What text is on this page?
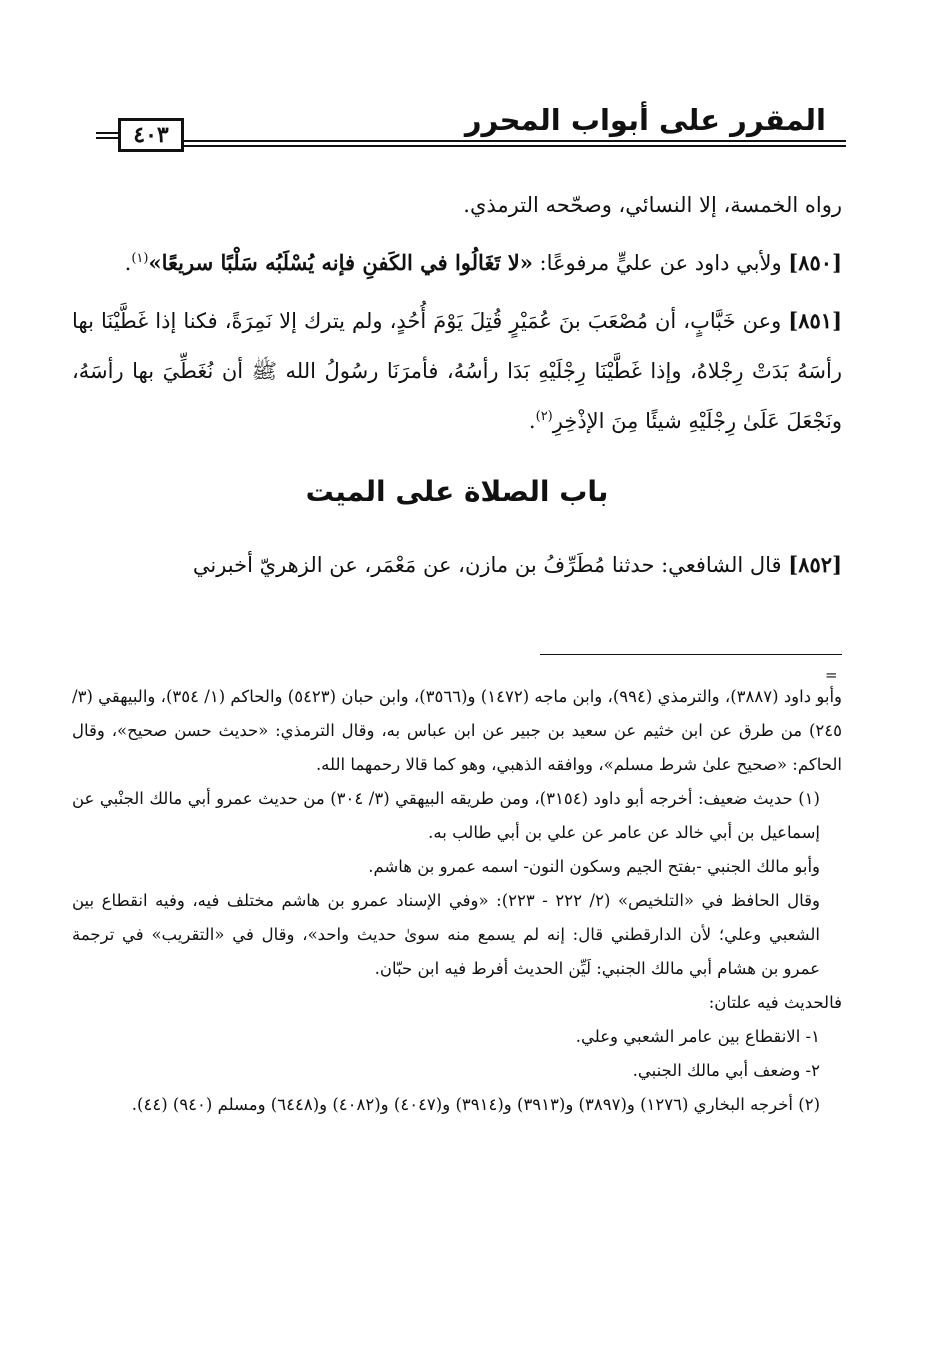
المقرر على أبواب المحرر
٤٠٣

رواه الخمسة، إلا النسائي، وصحّحه الترمذي.

[٨٥٠] ولأبي داود عن عليٍّ مرفوعًا: «لا تَغَالُوا في الكَفنِ فإنه يُسْلَبُه سَلْبًا سريعًا»$^{(١)}$.

[٨٥١] وعن خَبَّابٍ، أن مُصْعَبَ بنَ عُمَيْرٍ قُتِلَ يَوْمَ أُحُدٍ، ولم يترك إلا نَمِرَةً، فكنا إذا غَطَّيْنَا بها رأسَهُ بَدَتْ رِجْلاهُ، وإذا غَطَّيْنَا رِجْلَيْهِ بَدَا رأسُهُ، فأمرَنَا رسُولُ الله ﷺ أن نُغَطِّيَ بها رأسَهُ، ونَجْعَلَ عَلَىٰ رِجْلَيْهِ شيئًا مِنَ الإذْخِرِ$^{(٢)}$.

باب الصلاة على الميت

[٨٥٢] قال الشافعي: حدثنا مُطَرِّفُ بن مازن، عن مَعْمَر، عن الزهريّ أخبرني

=

وأبو داود (٣٨٨٧)، والترمذي (٩٩٤)، وابن ماجه (١٤٧٢) و(٣٥٦٦)، وابن حبان (٥٤٢٣) والحاكم (١/ ٣٥٤)، والبيهقي (٣/ ٢٤٥) من طرق عن ابن خثيم عن سعيد بن جبير عن ابن عباس به، وقال الترمذي: «حديث حسن صحيح»، وقال الحاكم: «صحيح علىٰ شرط مسلم»، ووافقه الذهبي، وهو كما قالا رحمهما الله.

(١) حديث ضعيف: أخرجه أبو داود (٣١٥٤)، ومن طريقه البيهقي (٣/ ٣٠٤) من حديث عمرو أبي مالك الجنْبي عن إسماعيل بن أبي خالد عن عامر عن علي بن أبي طالب به.

وأبو مالك الجنبي -بفتح الجيم وسكون النون- اسمه عمرو بن هاشم.

وقال الحافظ في «التلخيص» (٢/ ٢٢٢ - ٢٢٣): «وفي الإسناد عمرو بن هاشم مختلف فيه، وفيه انقطاع بين الشعبي وعلي؛ لأن الدارقطني قال: إنه لم يسمع منه سوىٰ حديث واحد»، وقال في «التقريب» في ترجمة عمرو بن هشام أبي مالك الجنبي: لَيِّن الحديث أفرط فيه ابن حبّان.

فالحديث فيه علتان:

١- الانقطاع بين عامر الشعبي وعلي.

٢- وضعف أبي مالك الجنبي.

(٢) أخرجه البخاري (١٢٧٦) و(٣٨٩٧) و(٣٩١٣) و(٣٩١٤) و(٤٠٤٧) و(٤٠٨٢) و(٦٤٤٨) ومسلم (٩٤٠) (٤٤).
